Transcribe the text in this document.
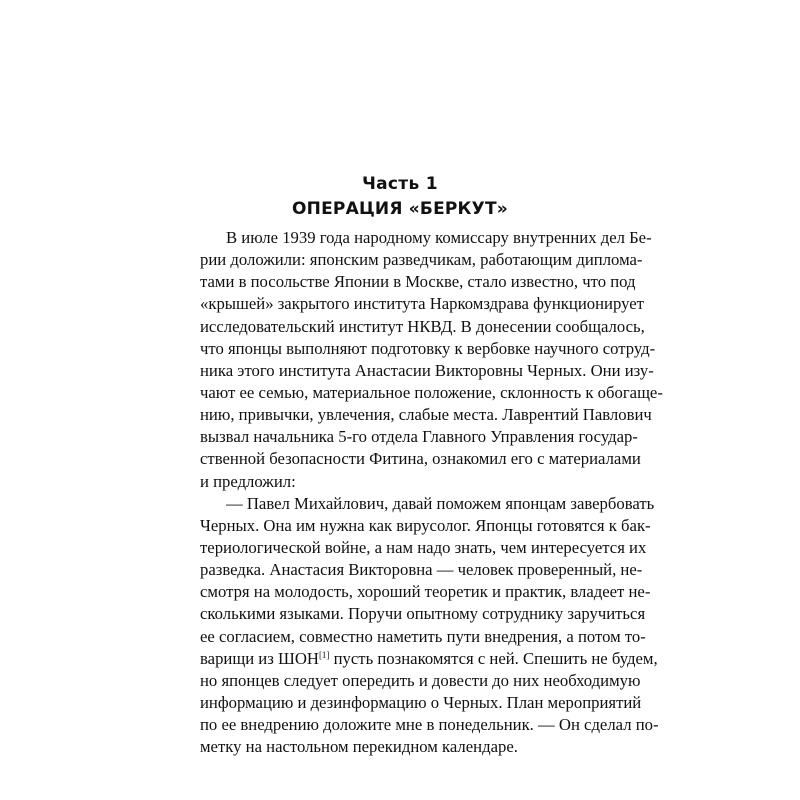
Часть 1
ОПЕРАЦИЯ «БЕРКУТ»
В июле 1939 года народному комиссару внутренних дел Бе-
рии доложили: японским разведчикам, работающим диплома-
тами в посольстве Японии в Москве, стало известно, что под
«крышей» закрытого института Наркомздрава функционирует
исследовательский институт НКВД. В донесении сообщалось,
что японцы выполняют подготовку к вербовке научного сотруд-
ника этого института Анастасии Викторовны Черных. Они изу-
чают ее семью, материальное положение, склонность к обогаще-
нию, привычки, увлечения, слабые места. Лаврентий Павлович
вызвал начальника 5-го отдела Главного Управления государ-
ственной безопасности Фитина, ознакомил его с материалами
и предложил:
— Павел Михайлович, давай поможем японцам завербовать
Черных. Она им нужна как вирусолог. Японцы готовятся к бак-
териологической войне, а нам надо знать, чем интересуется их
разведка. Анастасия Викторовна — человек проверенный, не-
смотря на молодость, хороший теоретик и практик, владеет не-
сколькими языками. Поручи опытному сотруднику заручиться
ее согласием, совместно наметить пути внедрения, а потом то-
варищи из ШОН[1] пусть познакомятся с ней. Спешить не будем,
но японцев следует опередить и довести до них необходимую
информацию и дезинформацию о Черных. План мероприятий
по ее внедрению доложите мне в понедельник. — Он сделал по-
метку на настольном перекидном календаре.
